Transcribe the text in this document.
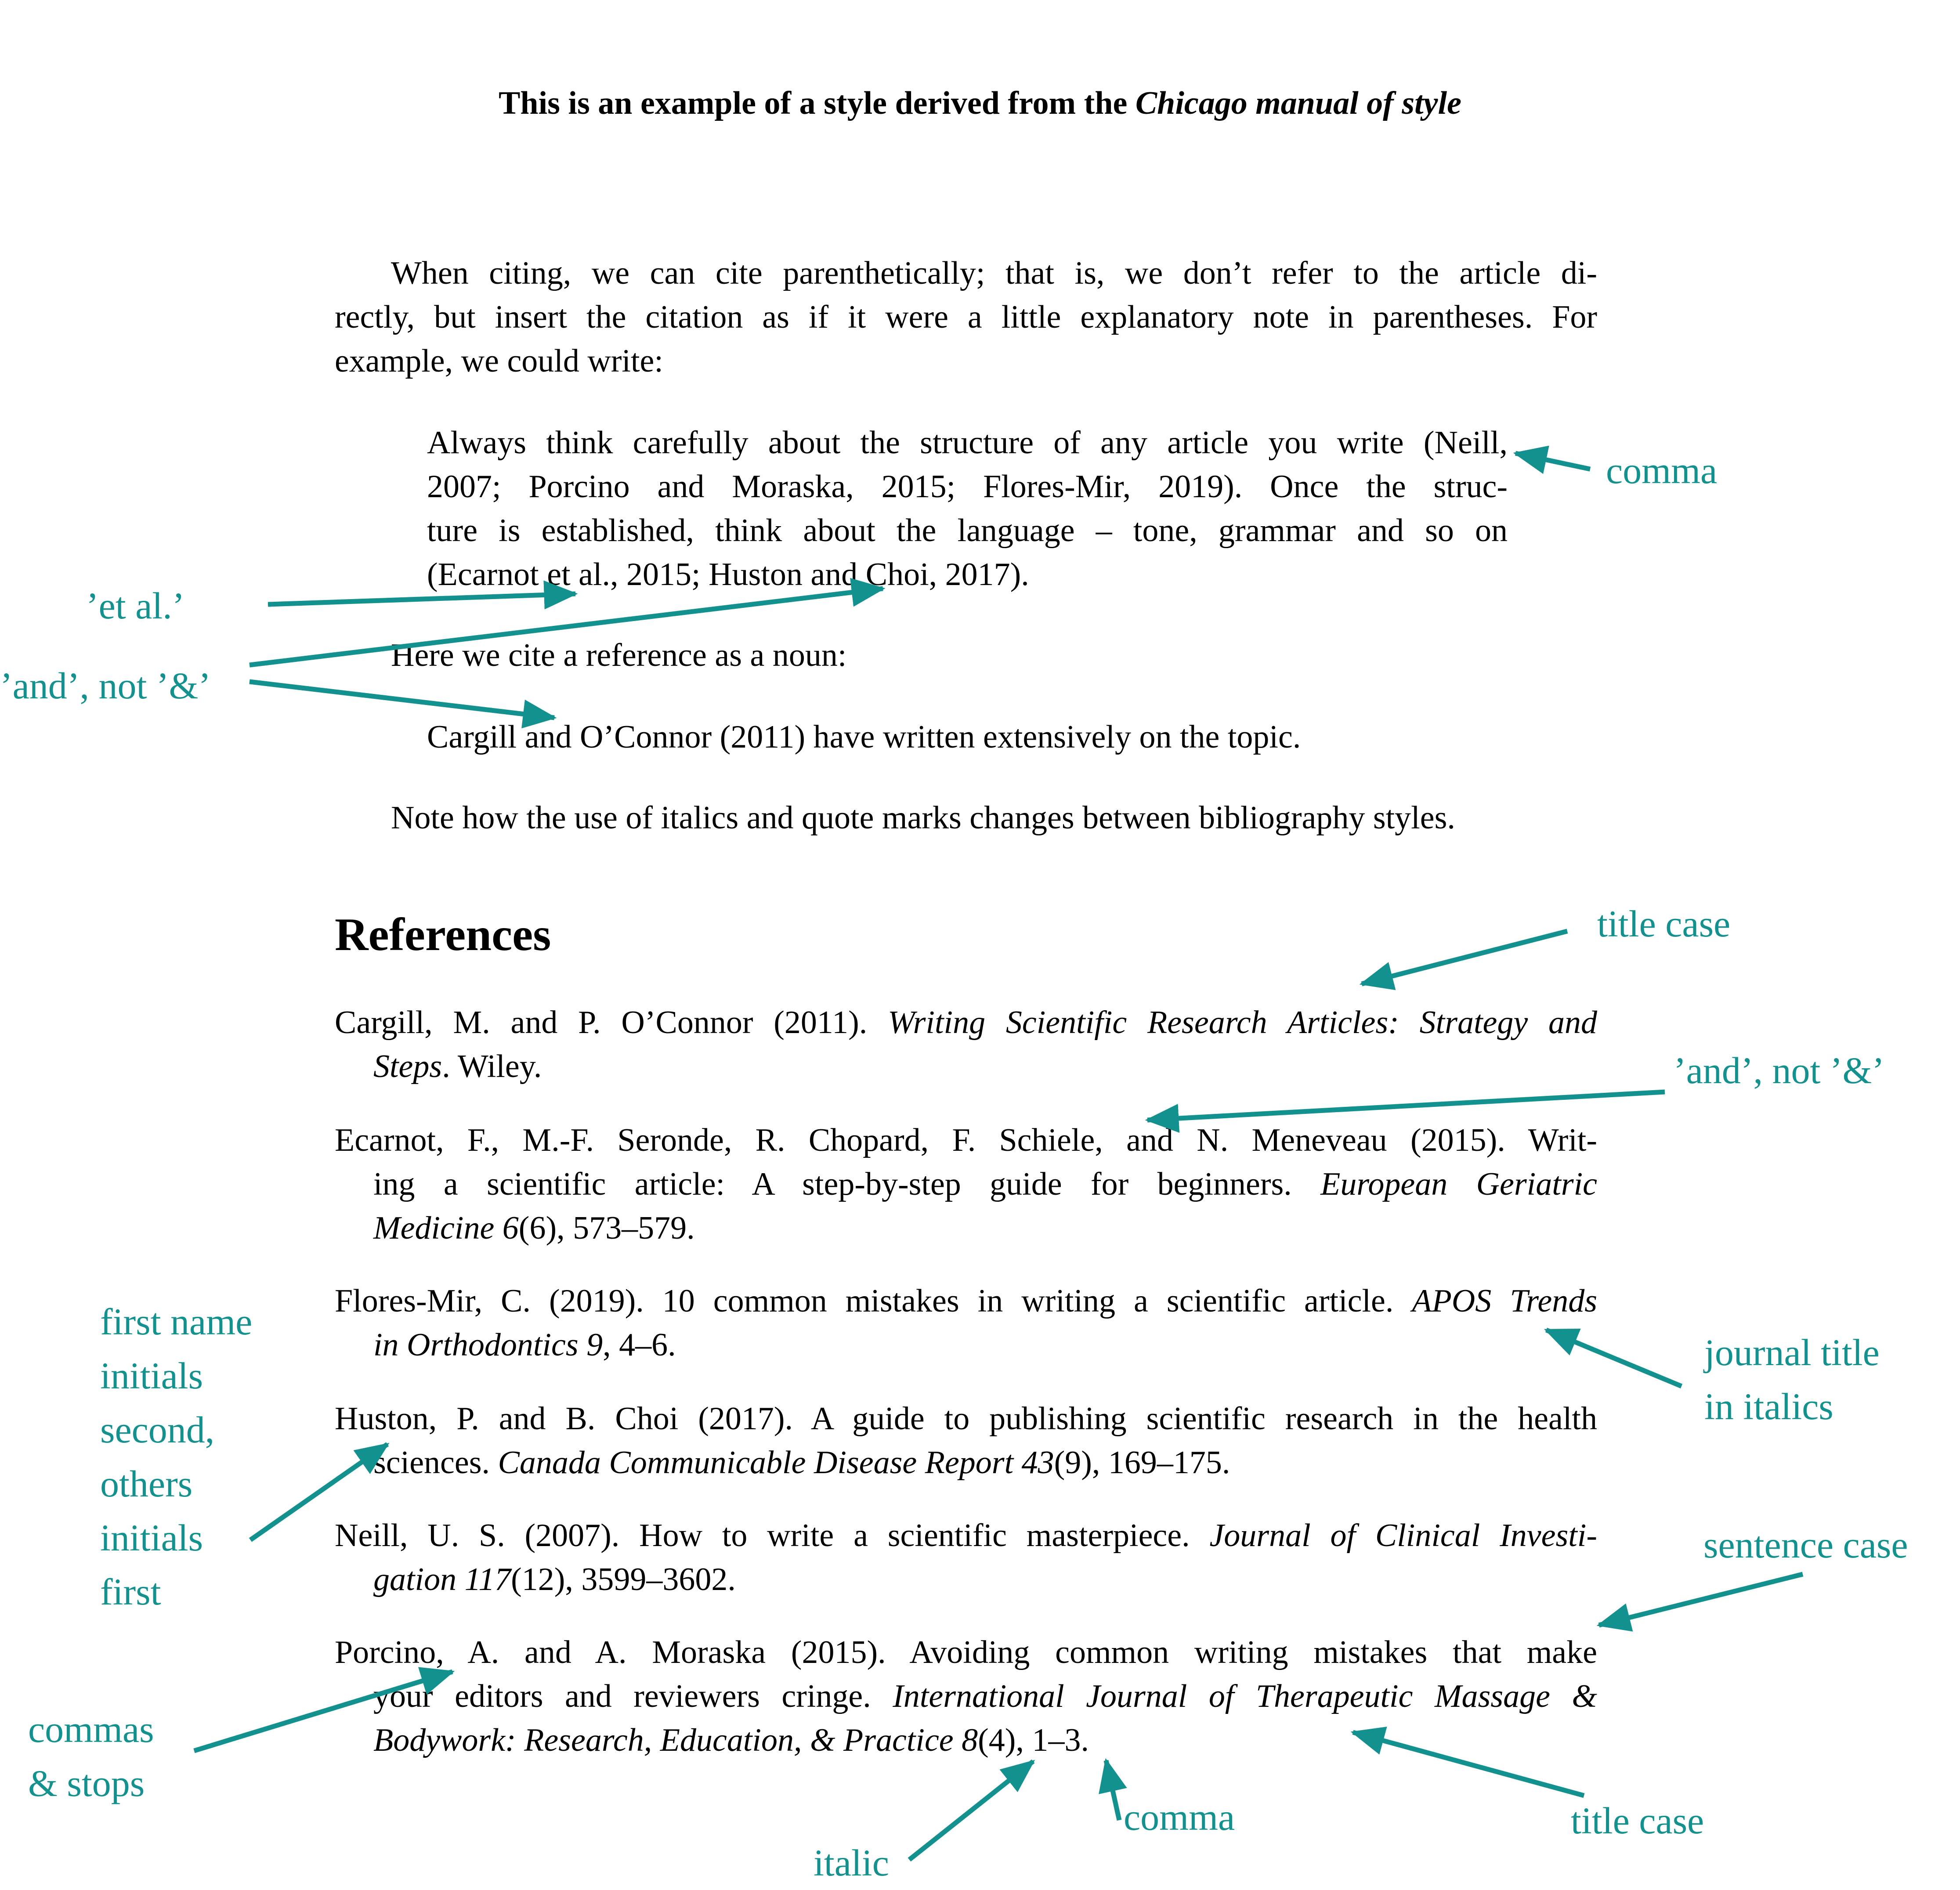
This is an example of a style derived from the Chicago manual of style
When citing, we can cite parenthetically; that is, we don’t refer to the article di-
rectly, but insert the citation as if it were a little explanatory note in parentheses. For
example, we could write:
Always think carefully about the structure of any article you write (Neill,
2007; Porcino and Moraska, 2015; Flores-Mir, 2019). Once the struc-
ture is established, think about the language – tone, grammar and so on
(Ecarnot et al., 2015; Huston and Choi, 2017).
Here we cite a reference as a noun:
Cargill and O’Connor (2011) have written extensively on the topic.
Note how the use of italics and quote marks changes between bibliography styles.
References
Cargill, M. and P. O’Connor (2011). Writing Scientific Research Articles: Strategy and
Steps. Wiley.
Ecarnot, F., M.-F. Seronde, R. Chopard, F. Schiele, and N. Meneveau (2015). Writ-
ing a scientific article: A step-by-step guide for beginners. European Geriatric
Medicine 6(6), 573–579.
Flores-Mir, C. (2019). 10 common mistakes in writing a scientific article. APOS Trends
in Orthodontics 9, 4–6.
Huston, P. and B. Choi (2017). A guide to publishing scientific research in the health
sciences. Canada Communicable Disease Report 43(9), 169–175.
Neill, U. S. (2007). How to write a scientific masterpiece. Journal of Clinical Investi-
gation 117(12), 3599–3602.
Porcino, A. and A. Moraska (2015). Avoiding common writing mistakes that make
your editors and reviewers cringe. International Journal of Therapeutic Massage &
Bodywork: Research, Education, & Practice 8(4), 1–3.
comma
’et al.’
’and’, not ’&’
title case
’and’, not ’&’
first name
initials
second,
others
initials
first
journal title
in italics
sentence case
commas
& stops
comma	title case
italic
